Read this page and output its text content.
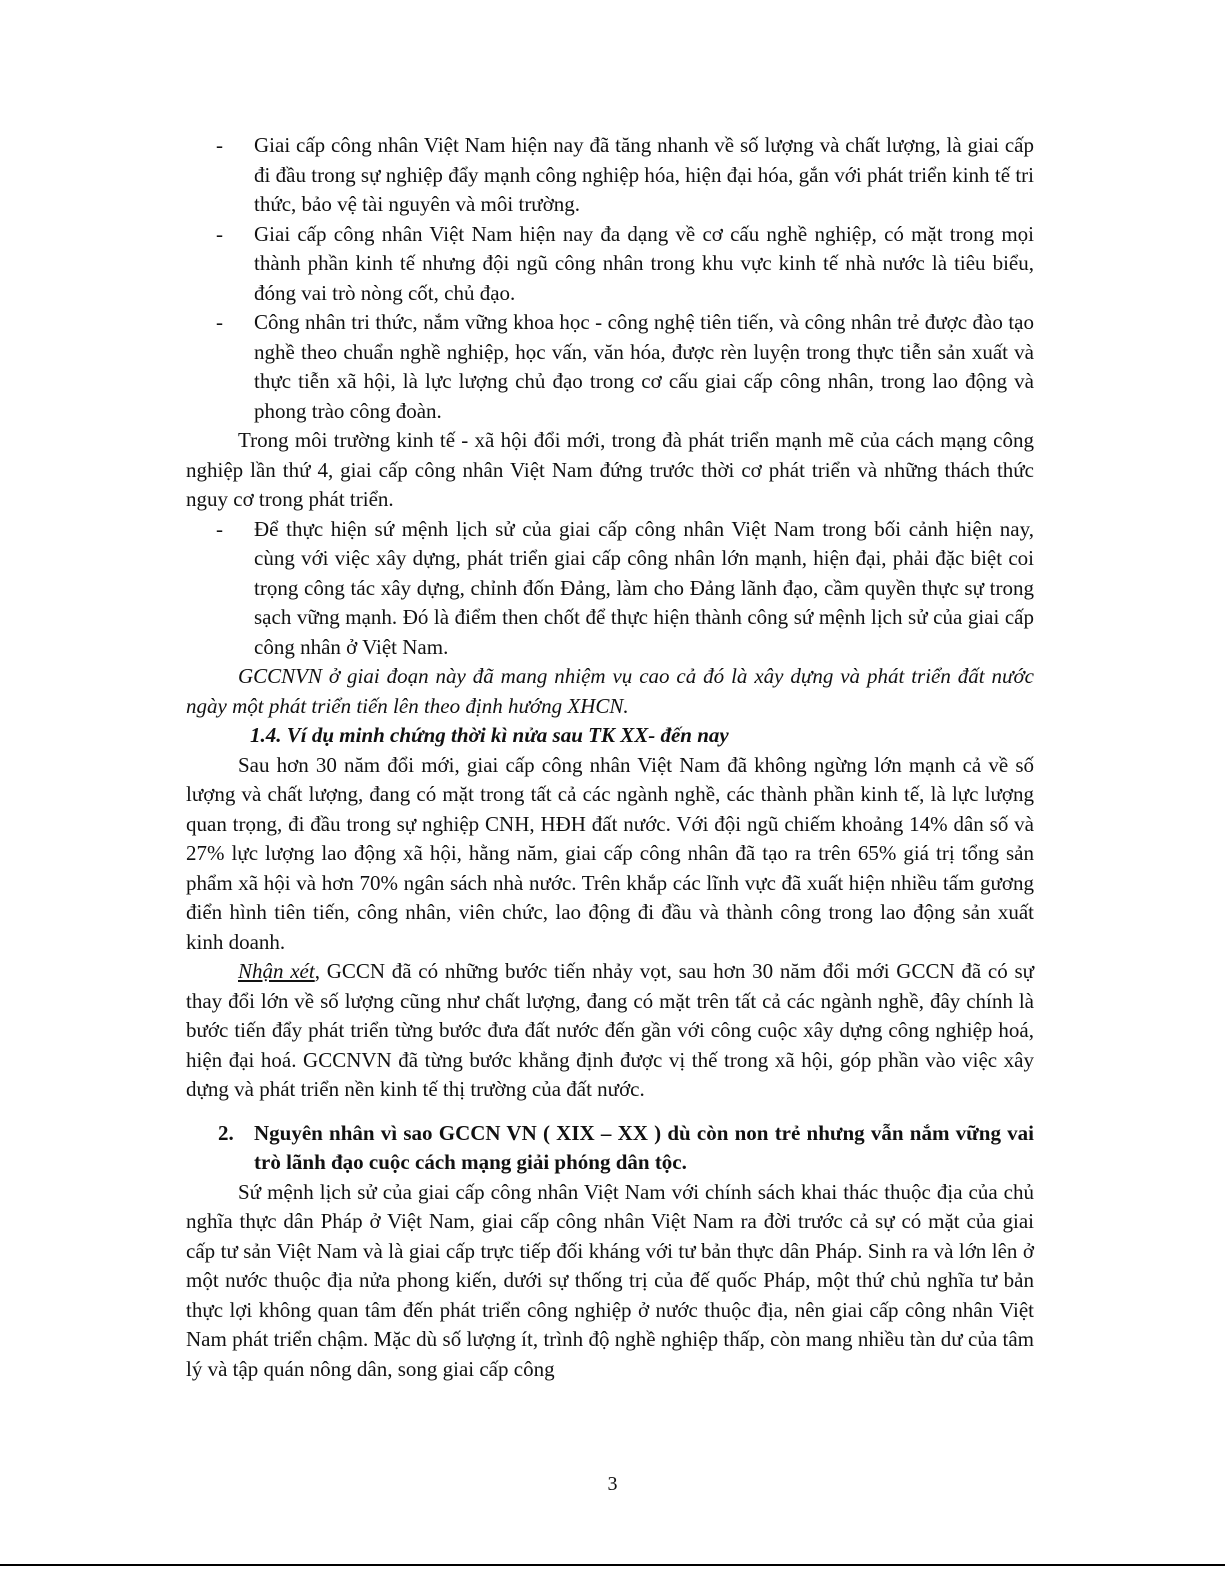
- Giai cấp công nhân Việt Nam hiện nay đã tăng nhanh về số lượng và chất lượng, là giai cấp đi đầu trong sự nghiệp đẩy mạnh công nghiệp hóa, hiện đại hóa, gắn với phát triển kinh tế tri thức, bảo vệ tài nguyên và môi trường.

- Giai cấp công nhân Việt Nam hiện nay đa dạng về cơ cấu nghề nghiệp, có mặt trong mọi thành phần kinh tế nhưng đội ngũ công nhân trong khu vực kinh tế nhà nước là tiêu biểu, đóng vai trò nòng cốt, chủ đạo.

- Công nhân tri thức, nắm vững khoa học - công nghệ tiên tiến, và công nhân trẻ được đào tạo nghề theo chuẩn nghề nghiệp, học vấn, văn hóa, được rèn luyện trong thực tiễn sản xuất và thực tiễn xã hội, là lực lượng chủ đạo trong cơ cấu giai cấp công nhân, trong lao động và phong trào công đoàn.

Trong môi trường kinh tế - xã hội đổi mới, trong đà phát triển mạnh mẽ của cách mạng công nghiệp lần thứ 4, giai cấp công nhân Việt Nam đứng trước thời cơ phát triển và những thách thức nguy cơ trong phát triển.

- Để thực hiện sứ mệnh lịch sử của giai cấp công nhân Việt Nam trong bối cảnh hiện nay, cùng với việc xây dựng, phát triển giai cấp công nhân lớn mạnh, hiện đại, phải đặc biệt coi trọng công tác xây dựng, chỉnh đốn Đảng, làm cho Đảng lãnh đạo, cầm quyền thực sự trong sạch vững mạnh. Đó là điểm then chốt để thực hiện thành công sứ mệnh lịch sử của giai cấp công nhân ở Việt Nam.

GCCNVN ở giai đoạn này đã mang nhiệm vụ cao cả đó là xây dựng và phát triển đất nước ngày một phát triển tiến lên theo định hướng XHCN.

1.4. Ví dụ minh chứng thời kì nửa sau TK XX- đến nay

Sau hơn 30 năm đổi mới, giai cấp công nhân Việt Nam đã không ngừng lớn mạnh cả về số lượng và chất lượng, đang có mặt trong tất cả các ngành nghề, các thành phần kinh tế, là lực lượng quan trọng, đi đầu trong sự nghiệp CNH, HĐH đất nước. Với đội ngũ chiếm khoảng 14% dân số và 27% lực lượng lao động xã hội, hằng năm, giai cấp công nhân đã tạo ra trên 65% giá trị tổng sản phẩm xã hội và hơn 70% ngân sách nhà nước. Trên khắp các lĩnh vực đã xuất hiện nhiều tấm gương điển hình tiên tiến, công nhân, viên chức, lao động đi đầu và thành công trong lao động sản xuất kinh doanh.

Nhận xét, GCCN đã có những bước tiến nhảy vọt, sau hơn 30 năm đổi mới GCCN đã có sự thay đổi lớn về số lượng cũng như chất lượng, đang có mặt trên tất cả các ngành nghề, đây chính là bước tiến đẩy phát triển từng bước đưa đất nước đến gần với công cuộc xây dựng công nghiệp hoá, hiện đại hoá. GCCNVN đã từng bước khẳng định được vị thế trong xã hội, góp phần vào việc xây dựng và phát triển nền kinh tế thị trường của đất nước.

2. Nguyên nhân vì sao GCCN VN ( XIX – XX ) dù còn non trẻ nhưng vẫn nắm vững vai trò lãnh đạo cuộc cách mạng giải phóng dân tộc.

Sứ mệnh lịch sử của giai cấp công nhân Việt Nam với chính sách khai thác thuộc địa của chủ nghĩa thực dân Pháp ở Việt Nam, giai cấp công nhân Việt Nam ra đời trước cả sự có mặt của giai cấp tư sản Việt Nam và là giai cấp trực tiếp đối kháng với tư bản thực dân Pháp. Sinh ra và lớn lên ở một nước thuộc địa nửa phong kiến, dưới sự thống trị của đế quốc Pháp, một thứ chủ nghĩa tư bản thực lợi không quan tâm đến phát triển công nghiệp ở nước thuộc địa, nên giai cấp công nhân Việt Nam phát triển chậm. Mặc dù số lượng ít, trình độ nghề nghiệp thấp, còn mang nhiều tàn dư của tâm lý và tập quán nông dân, song giai cấp công

3
